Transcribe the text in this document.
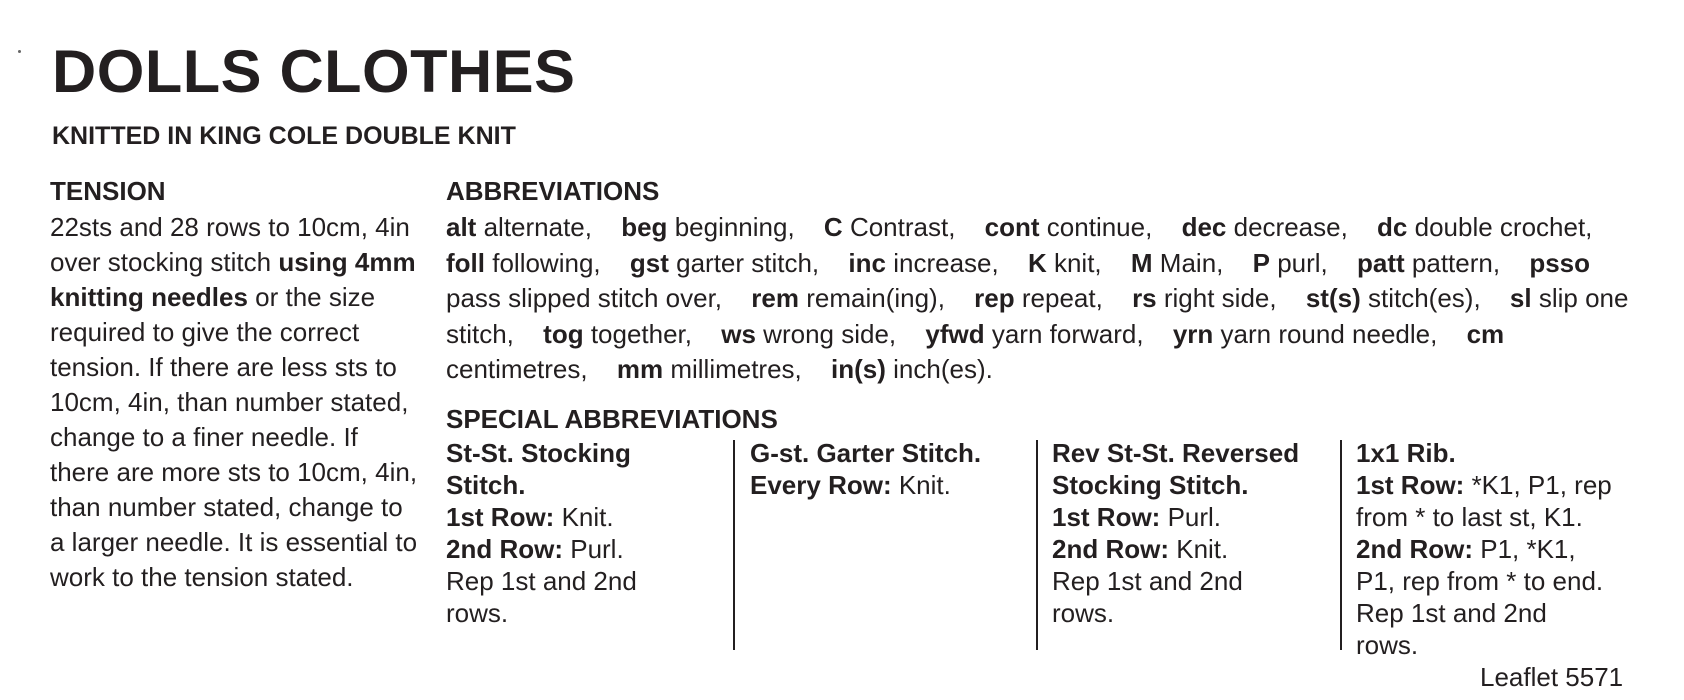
DOLLS CLOTHES
KNITTED IN KING COLE DOUBLE KNIT
TENSION

22sts and 28 rows to 10cm, 4in over stocking stitch using 4mm knitting needles or the size required to give the correct tension. If there are less sts to 10cm, 4in, than number stated, change to a finer needle. If there are more sts to 10cm, 4in, than number stated, change to a larger needle. It is essential to work to the tension stated.

ABBREVIATIONS

alt alternate, beg beginning, C Contrast, cont continue, dec decrease, dc double crochet, foll following, gst garter stitch, inc increase, K knit, M Main, P purl, patt pattern, psso pass slipped stitch over, rem remain(ing), rep repeat, rs right side, st(s) stitch(es), sl slip one stitch, tog together, ws wrong side, yfwd yarn forward, yrn yarn round needle, cm centimetres, mm millimetres, in(s) inch(es).

SPECIAL ABBREVIATIONS
St-St. Stocking
Stitch.
1st Row: Knit.
2nd Row: Purl.
Rep 1st and 2nd
rows.
G-st. Garter Stitch.
Every Row: Knit.
Rev St-St. Reversed
Stocking Stitch.
1st Row: Purl.
2nd Row: Knit.
Rep 1st and 2nd
rows.
1x1 Rib.
1st Row: *K1, P1, rep
from * to last st, K1.
2nd Row: P1, *K1,
P1, rep from * to end.
Rep 1st and 2nd
rows.

Leaflet 5571
